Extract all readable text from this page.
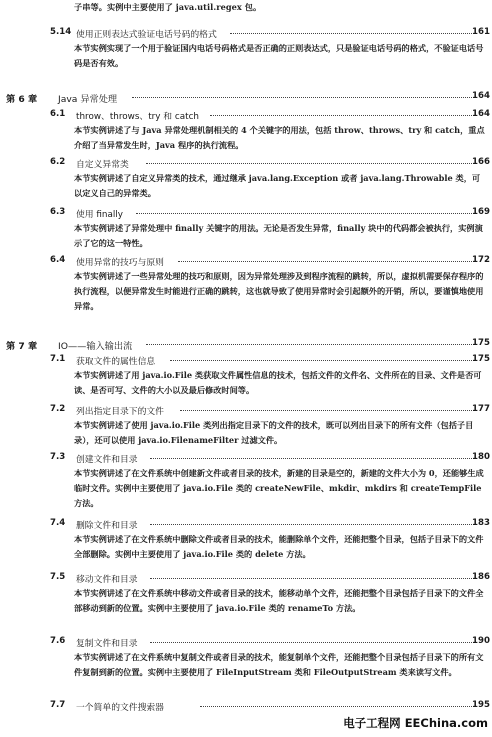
子串等。实例中主要使用了 java.util.regex 包。
5.14 使用正则表达式验证电话号码的格式	161
本节实例实现了一个用于验证国内电话号码格式是否正确的正则表达式，只是验证电话号码的格式，不验证电话号码是否有效。
第 6 章 Java 异常处理	164
6.1 throw、throws、try 和 catch	164
本节实例讲述了与 Java 异常处理机制相关的 4 个关键字的用法，包括 throw、throws、try 和 catch，重点介绍了当异常发生时，Java 程序的执行流程。
6.2 自定义异常类	166
本节实例讲述了自定义异常类的技术，通过继承 java.lang.Exception 或者 java.lang.Throwable 类，可以定义自己的异常类。
6.3 使用 finally	169
本节实例讲述了异常处理中 finally 关键字的用法。无论是否发生异常，finally 块中的代码都会被执行，实例演示了它的这一特性。
6.4 使用异常的技巧与原则	172
本节实例讲述了一些异常处理的技巧和原则，因为异常处理涉及到程序流程的跳转，所以，虚拟机需要保存程序的执行流程，以便异常发生时能进行正确的跳转，这也就导致了使用异常时会引起额外的开销，所以，要谨慎地使用异常。
第 7 章 IO——输入输出流	175
7.1 获取文件的属性信息	175
本节实例讲述了用 java.io.File 类获取文件属性信息的技术，包括文件的文件名、文件所在的目录、文件是否可读、是否可写、文件的大小以及最后修改时间等。
7.2 列出指定目录下的文件	177
本节实例讲述了使用 java.io.File 类列出指定目录下的文件的技术，既可以列出目录下的所有文件（包括子目录），还可以使用 java.io.FilenameFilter 过滤文件。
7.3 创建文件和目录	180
本节实例讲述了在文件系统中创建新文件或者目录的技术，新建的目录是空的，新建的文件大小为 0，还能够生成临时文件。实例中主要使用了 java.io.File 类的 createNewFile、mkdir、mkdirs 和 createTempFile 方法。
7.4 删除文件和目录	183
本节实例讲述了在文件系统中删除文件或者目录的技术，能删除单个文件，还能把整个目录，包括子目录下的文件全部删除。实例中主要使用了 java.io.File 类的 delete 方法。
7.5 移动文件和目录	186
本节实例讲述了在文件系统中移动文件或者目录的技术，能移动单个文件，还能把整个目录包括子目录下的文件全部移动到新的位置。实例中主要使用了 java.io.File 类的 renameTo 方法。
7.6 复制文件和目录	190
本节实例讲述了在文件系统中复制文件或者目录的技术，能复制单个文件，还能把整个目录包括子目录下的所有文件复制到新的位置。实例中主要使用了 FileInputStream 类和 FileOutputStream 类来读写文件。
7.7 一个简单的文件搜索器	195
电子工程网 EEChina.com
